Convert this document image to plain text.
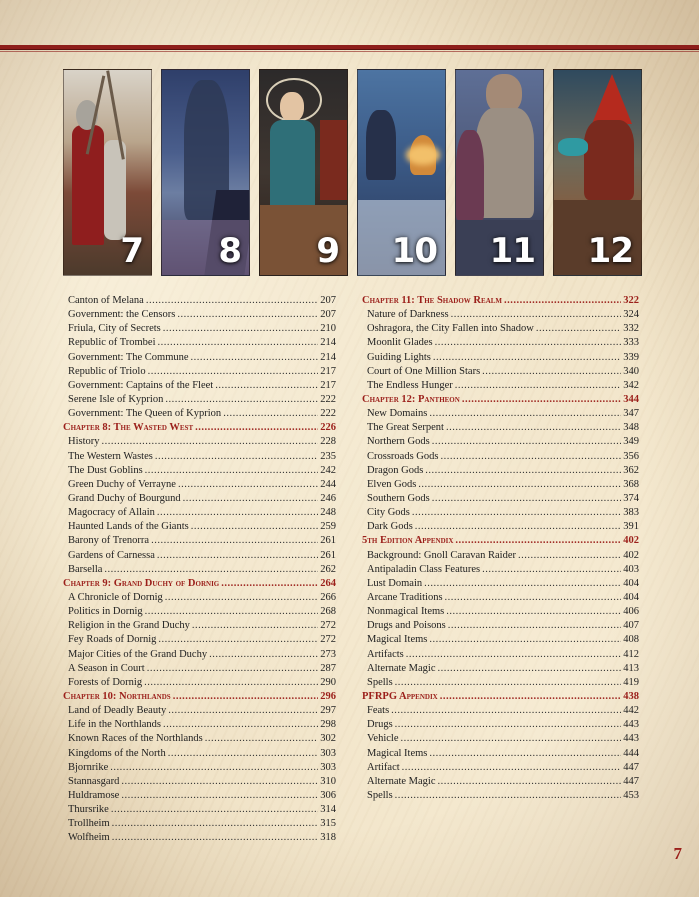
7 8 9 10 11 12
Canton of Melana .....	207
Government: the Censors .....	207
Friula, City of Secrets .....	210
Republic of Trombei .....	214
Government: The Commune .....	214
Republic of Triolo .....	217
Government: Captains of the Fleet .....	217
Serene Isle of Kyprion .....	222
Government: The Queen of Kyprion .....	222
Chapter 8: The Wasted West .....	226
History .....	228
The Western Wastes .....	235
The Dust Goblins .....	242
Green Duchy of Verrayne .....	244
Grand Duchy of Bourgund .....	246
Magocracy of Allain .....	248
Haunted Lands of the Giants .....	259
Barony of Trenorra .....	261
Gardens of Carnessa .....	261
Barsella .....	262
Chapter 9: Grand Duchy of Dornig .....	264
A Chronicle of Dornig .....	266
Politics in Dornig .....	268
Religion in the Grand Duchy .....	272
Fey Roads of Dornig .....	272
Major Cities of the Grand Duchy .....	273
A Season in Court .....	287
Forests of Dornig .....	290
Chapter 10: Northlands .....	296
Land of Deadly Beauty .....	297
Life in the Northlands .....	298
Known Races of the Northlands .....	302
Kingdoms of the North .....	303
Bjornrike .....	303
Stannasgard .....	310
Huldramose .....	306
Thursrike .....	314
Trollheim .....	315
Wolfheim .....	318
Chapter 11: The Shadow Realm .....	322
Nature of Darkness .....	324
Oshragora, the City Fallen into Shadow .....	332
Moonlit Glades .....	333
Guiding Lights .....	339
Court of One Million Stars .....	340
The Endless Hunger .....	342
Chapter 12: Pantheon .....	344
New Domains .....	347
The Great Serpent .....	348
Northern Gods .....	349
Crossroads Gods .....	356
Dragon Gods .....	362
Elven Gods .....	368
Southern Gods .....	374
City Gods .....	383
Dark Gods .....	391
5th Edition Appendix .....	402
Background: Gnoll Caravan Raider .....	402
Antipaladin Class Features .....	403
Lust Domain .....	404
Arcane Traditions .....	404
Nonmagical Items .....	406
Drugs and Poisons .....	407
Magical Items .....	408
Artifacts .....	412
Alternate Magic .....	413
Spells .....	419
PFRPG Appendix .....	438
Feats .....	442
Drugs .....	443
Vehicle .....	443
Magical Items .....	444
Artifact .....	447
Alternate Magic .....	447
Spells .....	453
7
